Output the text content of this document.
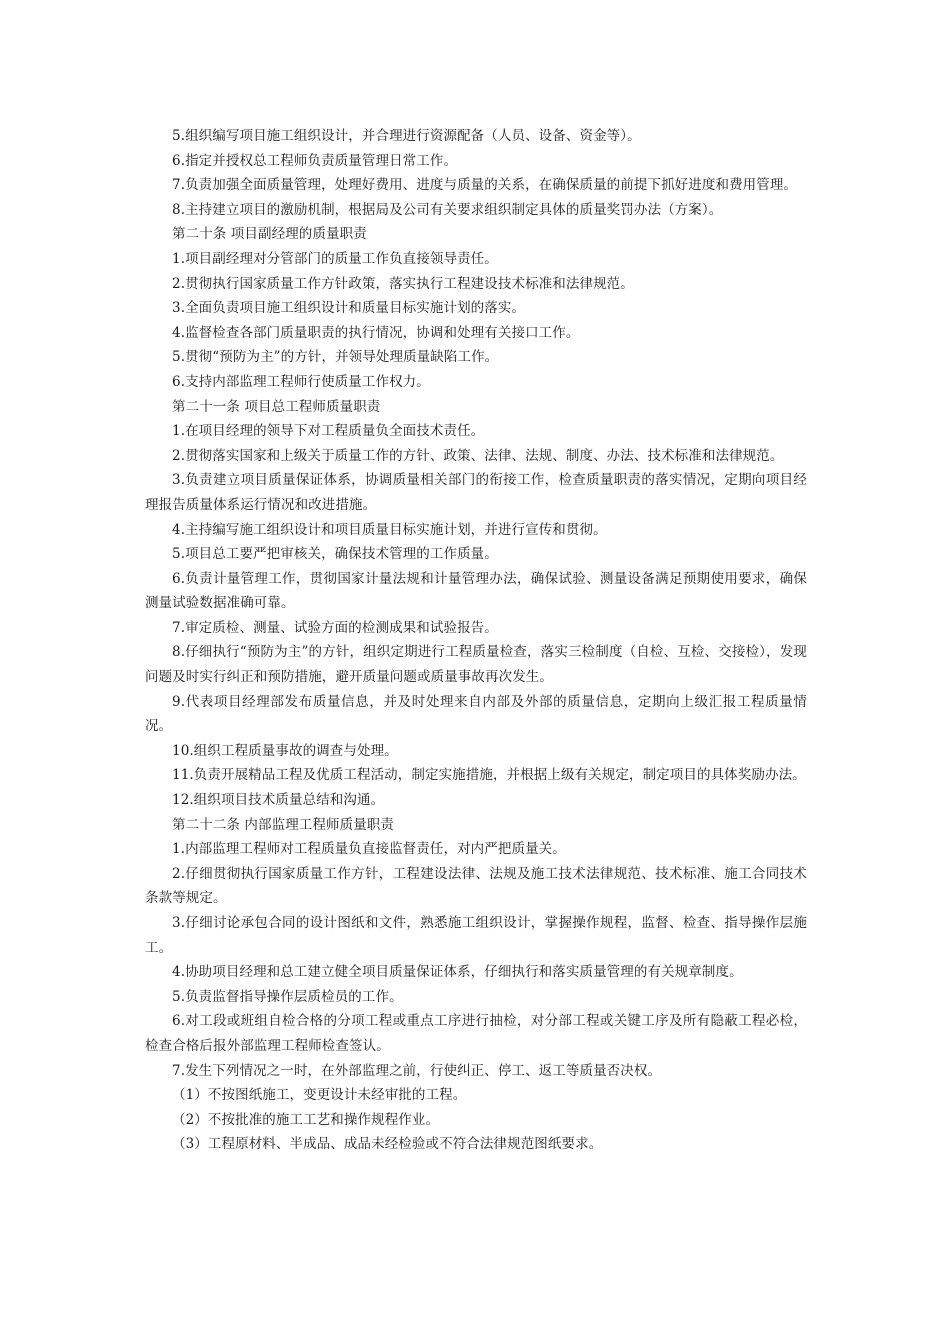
5.组织编写项目施工组织设计，并合理进行资源配备（人员、设备、资金等）。

6.指定并授权总工程师负责质量管理日常工作。

7.负责加强全面质量管理，处理好费用、进度与质量的关系，在确保质量的前提下抓好进度和费用管理。

8.主持建立项目的激励机制，根据局及公司有关要求组织制定具体的质量奖罚办法（方案）。

第二十条 项目副经理的质量职责

1.项目副经理对分管部门的质量工作负直接领导责任。

2.贯彻执行国家质量工作方针政策，落实执行工程建设技术标准和法律规范。

3.全面负责项目施工组织设计和质量目标实施计划的落实。

4.监督检查各部门质量职责的执行情况，协调和处理有关接口工作。

5.贯彻“预防为主”的方针，并领导处理质量缺陷工作。

6.支持内部监理工程师行使质量工作权力。

第二十一条 项目总工程师质量职责

1.在项目经理的领导下对工程质量负全面技术责任。

2.贯彻落实国家和上级关于质量工作的方针、政策、法律、法规、制度、办法、技术标准和法律规范。

3.负责建立项目质量保证体系，协调质量相关部门的衔接工作，检查质量职责的落实情况，定期向项目经理报告质量体系运行情况和改进措施。

4.主持编写施工组织设计和项目质量目标实施计划，并进行宣传和贯彻。

5.项目总工要严把审核关，确保技术管理的工作质量。

6.负责计量管理工作，贯彻国家计量法规和计量管理办法，确保试验、测量设备满足预期使用要求，确保测量试验数据准确可靠。

7.审定质检、测量、试验方面的检测成果和试验报告。

8.仔细执行“预防为主”的方针，组织定期进行工程质量检查，落实三检制度（自检、互检、交接检），发现问题及时实行纠正和预防措施，避开质量问题或质量事故再次发生。

9.代表项目经理部发布质量信息，并及时处理来自内部及外部的质量信息，定期向上级汇报工程质量情况。

10.组织工程质量事故的调查与处理。

11.负责开展精品工程及优质工程活动，制定实施措施，并根据上级有关规定，制定项目的具体奖励办法。

12.组织项目技术质量总结和沟通。

第二十二条 内部监理工程师质量职责

1.内部监理工程师对工程质量负直接监督责任，对内严把质量关。

2.仔细贯彻执行国家质量工作方针，工程建设法律、法规及施工技术法律规范、技术标准、施工合同技术条款等规定。

3.仔细讨论承包合同的设计图纸和文件，熟悉施工组织设计，掌握操作规程，监督、检查、指导操作层施工。

4.协助项目经理和总工建立健全项目质量保证体系，仔细执行和落实质量管理的有关规章制度。

5.负责监督指导操作层质检员的工作。

6.对工段或班组自检合格的分项工程或重点工序进行抽检，对分部工程或关键工序及所有隐蔽工程必检，检查合格后报外部监理工程师检查签认。

7.发生下列情况之一时，在外部监理之前，行使纠正、停工、返工等质量否决权。

（1）不按图纸施工，变更设计未经审批的工程。

（2）不按批准的施工工艺和操作规程作业。

（3）工程原材料、半成品、成品未经检验或不符合法律规范图纸要求。
